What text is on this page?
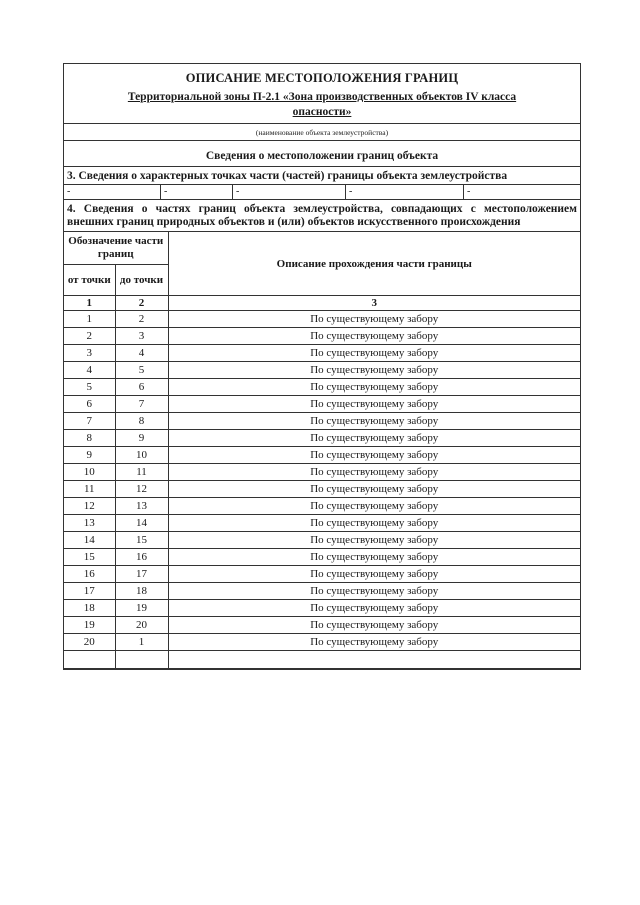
ОПИСАНИЕ МЕСТОПОЛОЖЕНИЯ ГРАНИЦ
Территориальной зоны П-2.1 «Зона производственных объектов IV класса опасности»
(наименование объекта землеустройства)
Сведения о местоположении границ объекта
3. Сведения о характерных точках части (частей) границы объекта землеустройства
-	-	-	-	-
4. Сведения о частях границ объекта землеустройства, совпадающих с местоположением внешних границ природных объектов и (или) объектов искусственного происхождения
Обозначение части границ		Описание прохождения части границы
от точки	до точки	
1	2	3
1	2	По существующему забору
2	3	По существующему забору
3	4	По существующему забору
4	5	По существующему забору
5	6	По существующему забору
6	7	По существующему забору
7	8	По существующему забору
8	9	По существующему забору
9	10	По существующему забору
10	11	По существующему забору
11	12	По существующему забору
12	13	По существующему забору
13	14	По существующему забору
14	15	По существующему забору
15	16	По существующему забору
16	17	По существующему забору
17	18	По существующему забору
18	19	По существующему забору
19	20	По существующему забору
20	1	По существующему забору
